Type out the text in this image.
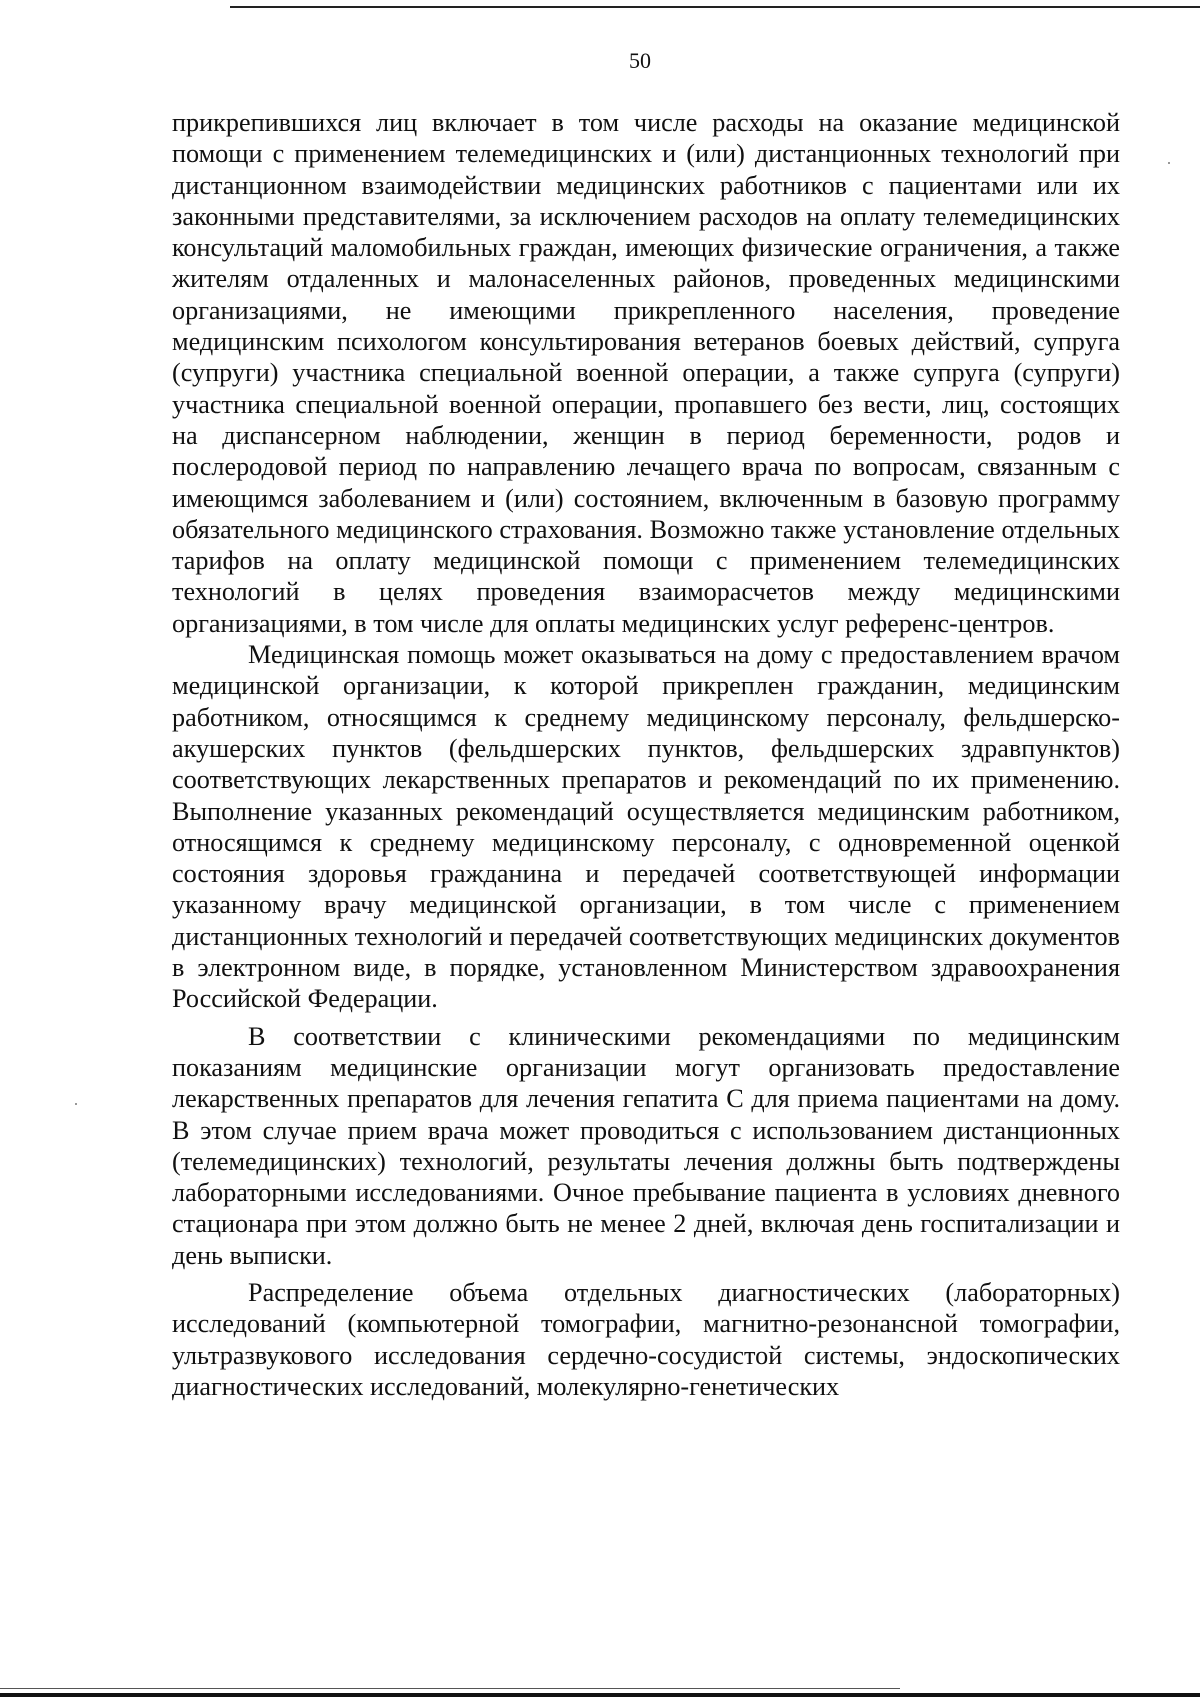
50

прикрепившихся лиц включает в том числе расходы на оказание медицинской помощи с применением телемедицинских и (или) дистанционных технологий при дистанционном взаимодействии медицинских работников с пациентами или их законными представителями, за исключением расходов на оплату телемедицинских консультаций маломобильных граждан, имеющих физические ограничения, а также жителям отдаленных и малонаселенных районов, проведенных медицинскими организациями, не имеющими прикрепленного населения, проведение медицинским психологом консультирования ветеранов боевых действий, супруга (супруги) участника специальной военной операции, а также супруга (супруги) участника специальной военной операции, пропавшего без вести, лиц, состоящих на диспансерном наблюдении, женщин в период беременности, родов и послеродовой период по направлению лечащего врача по вопросам, связанным с имеющимся заболеванием и (или) состоянием, включенным в базовую программу обязательного медицинского страхования. Возможно также установление отдельных тарифов на оплату медицинской помощи с применением телемедицинских технологий в целях проведения взаиморасчетов между медицинскими организациями, в том числе для оплаты медицинских услуг референс-центров.

Медицинская помощь может оказываться на дому с предоставлением врачом медицинской организации, к которой прикреплен гражданин, медицинским работником, относящимся к среднему медицинскому персоналу, фельдшерско-акушерских пунктов (фельдшерских пунктов, фельдшерских здравпунктов) соответствующих лекарственных препаратов и рекомендаций по их применению. Выполнение указанных рекомендаций осуществляется медицинским работником, относящимся к среднему медицинскому персоналу, с одновременной оценкой состояния здоровья гражданина и передачей соответствующей информации указанному врачу медицинской организации, в том числе с применением дистанционных технологий и передачей соответствующих медицинских документов в электронном виде, в порядке, установленном Министерством здравоохранения Российской Федерации.

В соответствии с клиническими рекомендациями по медицинским показаниям медицинские организации могут организовать предоставление лекарственных препаратов для лечения гепатита С для приема пациентами на дому. В этом случае прием врача может проводиться с использованием дистанционных (телемедицинских) технологий, результаты лечения должны быть подтверждены лабораторными исследованиями. Очное пребывание пациента в условиях дневного стационара при этом должно быть не менее 2 дней, включая день госпитализации и день выписки.

Распределение объема отдельных диагностических (лабораторных) исследований (компьютерной томографии, магнитно-резонансной томографии, ультразвукового исследования сердечно-сосудистой системы, эндоскопических диагностических исследований, молекулярно-генетических
